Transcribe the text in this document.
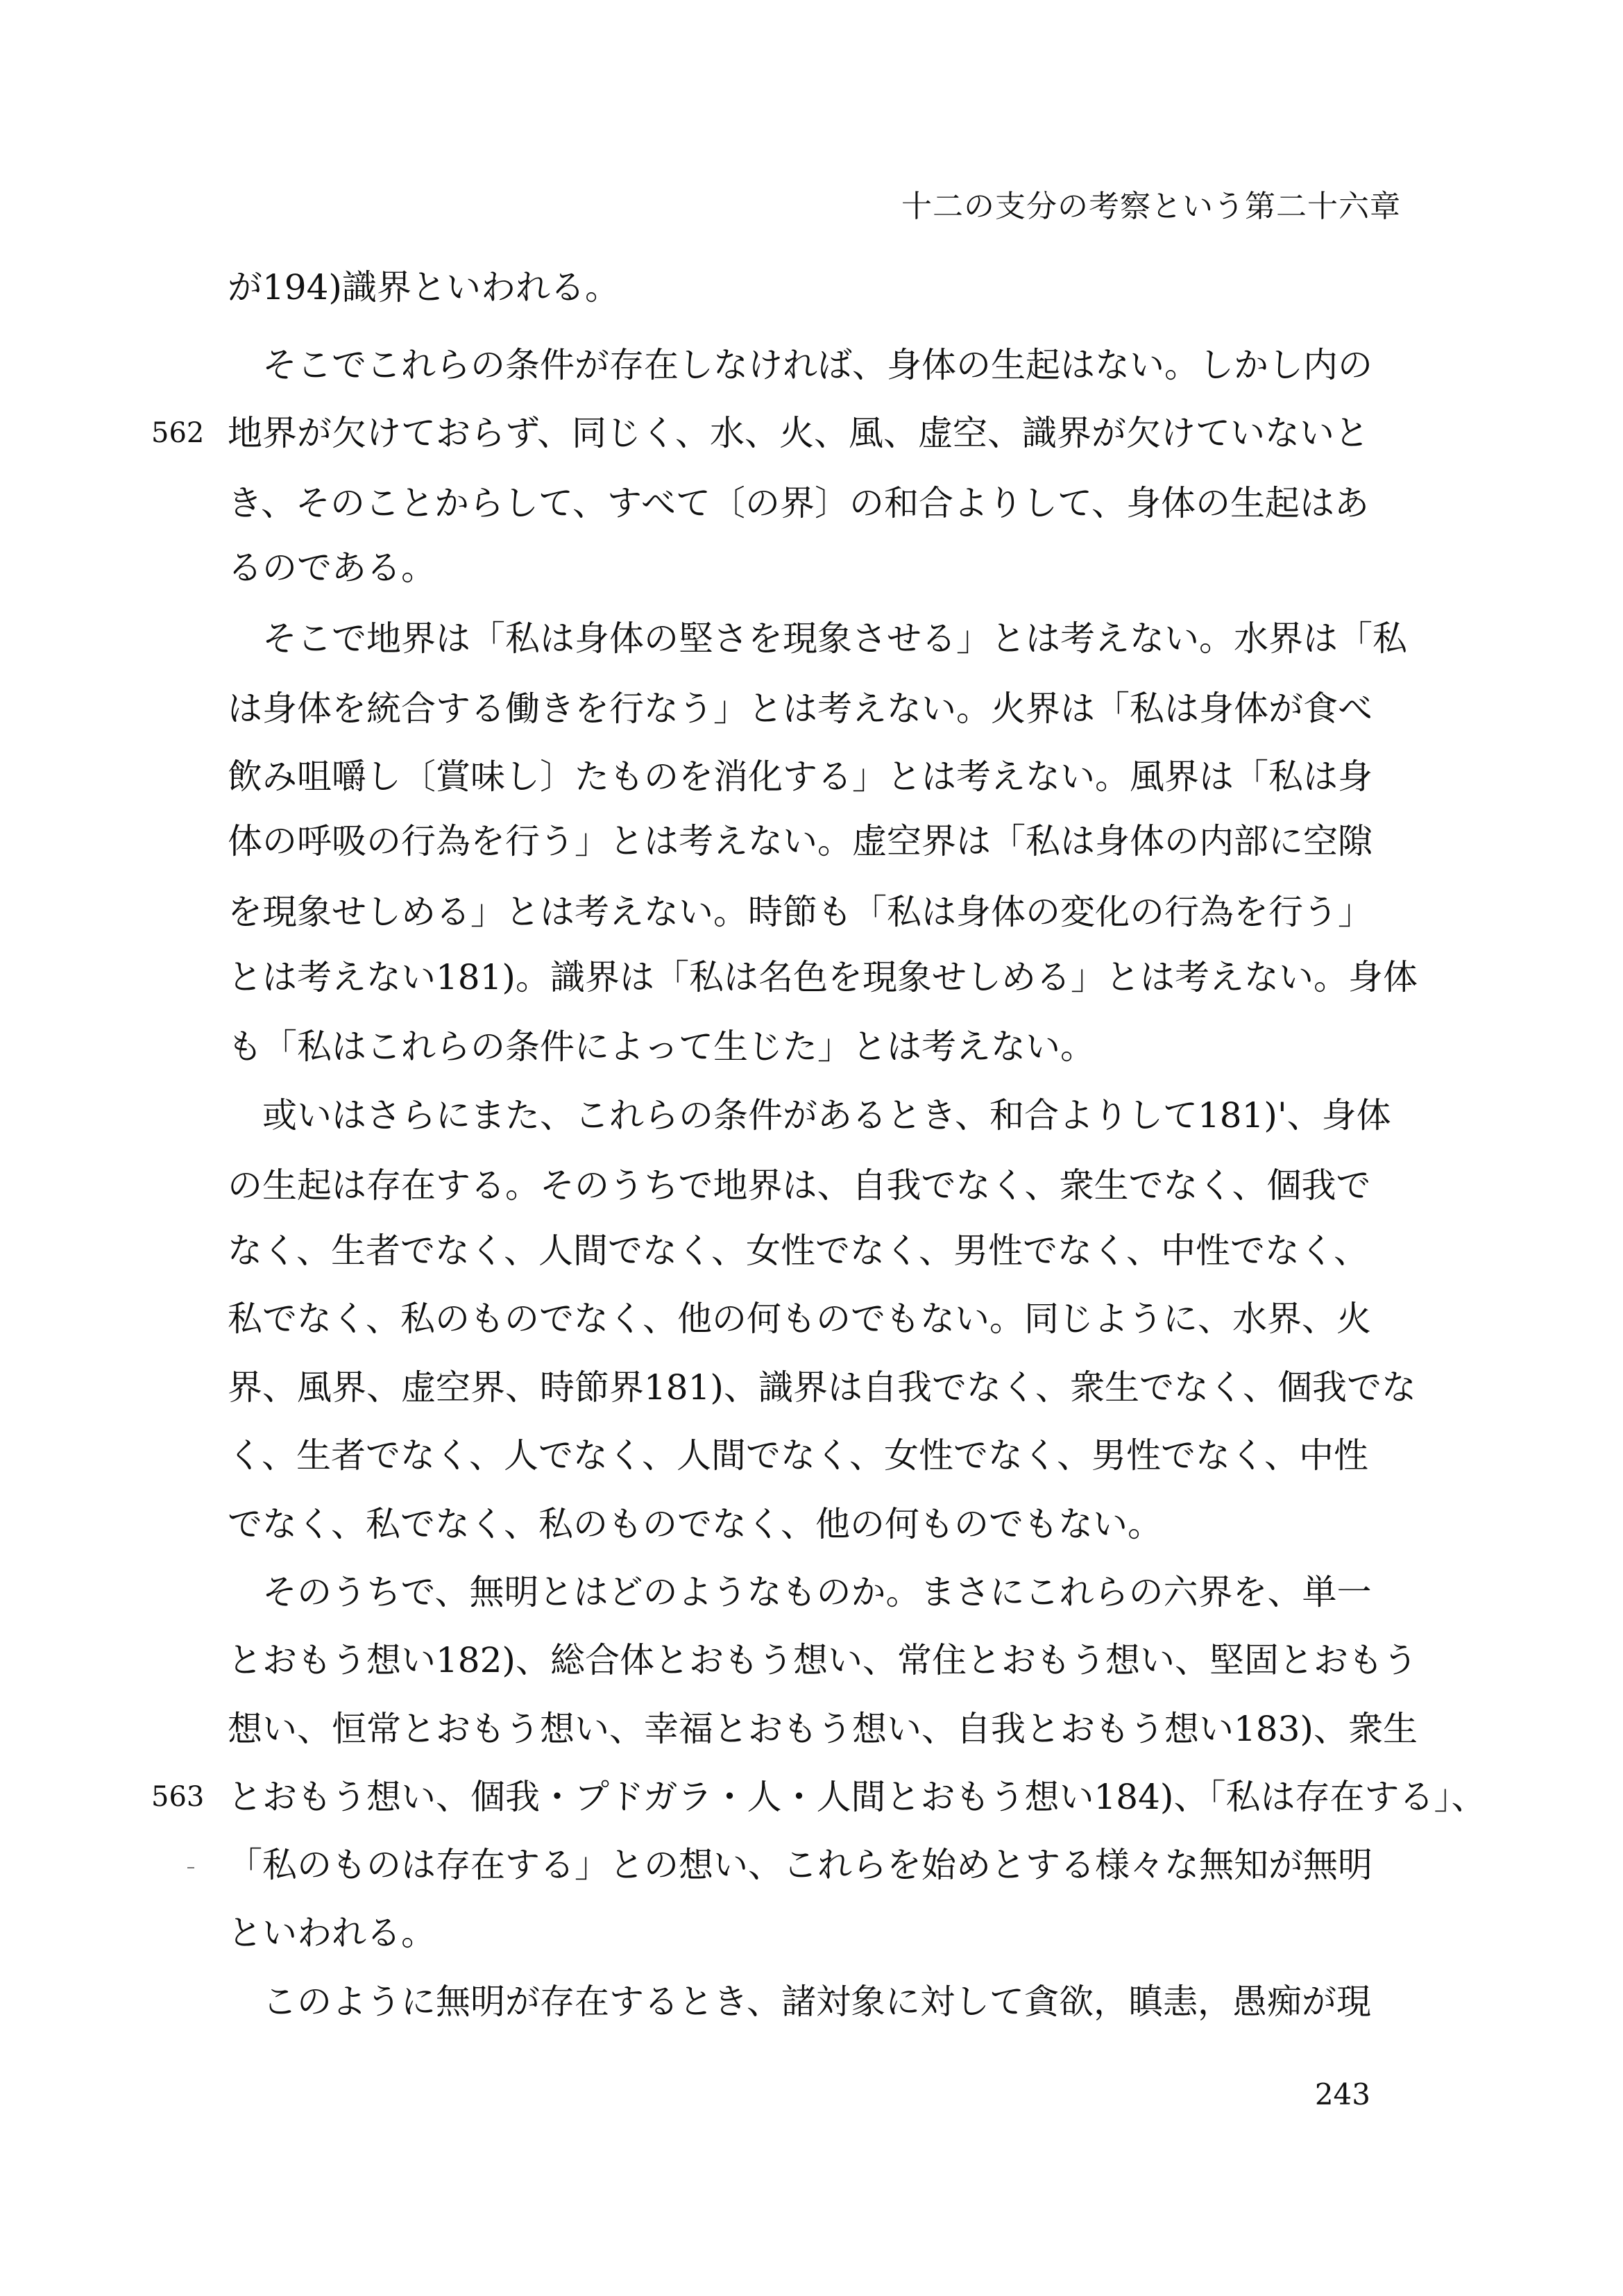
十二の支分の考察という第二十六章
が194)識界といわれる。
そこでこれらの条件が存在しなければ、身体の生起はない。しかし内の
562 地界が欠けておらず、同じく、水、火、風、虚空、識界が欠けていないと
き、そのことからして、すべて〔の界〕の和合よりして、身体の生起はあ
るのである。
そこで地界は「私は身体の堅さを現象させる」とは考えない。水界は「私
は身体を統合する働きを行なう」とは考えない。火界は「私は身体が食べ
飲み咀嚼し〔賞味し〕たものを消化する」とは考えない。風界は「私は身
体の呼吸の行為を行う」とは考えない。虚空界は「私は身体の内部に空隙
を現象せしめる」とは考えない。時節も「私は身体の変化の行為を行う」
とは考えない181)。識界は「私は名色を現象せしめる」とは考えない。身体
も「私はこれらの条件によって生じた」とは考えない。
或いはさらにまた、これらの条件があるとき、和合よりして181)'、身体
の生起は存在する。そのうちで地界は、自我でなく、衆生でなく、個我で
なく、生者でなく、人間でなく、女性でなく、男性でなく、中性でなく、
私でなく、私のものでなく、他の何ものでもない。同じように、水界、火
界、風界、虚空界、時節界181)、識界は自我でなく、衆生でなく、個我でな
く、生者でなく、人でなく、人間でなく、女性でなく、男性でなく、中性
でなく、私でなく、私のものでなく、他の何ものでもない。
そのうちで、無明とはどのようなものか。まさにこれらの六界を、単一
とおもう想い182)、総合体とおもう想い、常住とおもう想い、堅固とおもう
想い、恒常とおもう想い、幸福とおもう想い、自我とおもう想い183)、衆生
563 とおもう想い、個我・プドガラ・人・人間とおもう想い184)、「私は存在する」、
「私のものは存在する」との想い、これらを始めとする様々な無知が無明
といわれる。
このように無明が存在するとき、諸対象に対して貪欲，瞋恚，愚痴が現
243
